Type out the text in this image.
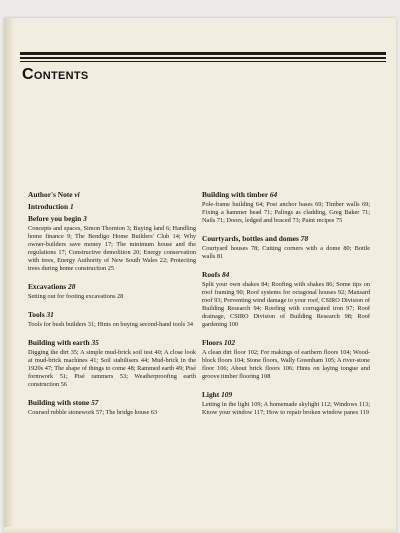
Contents

Author's Note vi

Introduction 1

Before you begin 3

Concepts and spaces, Simon Thornton 3; Buying land 6; Handling home finance 9; The Bendigo Home Builders' Club 14; Why owner-builders save money 17; The minimum house and the regulations 17; Constructive demolition 20; Energy conservation with trees, Energy Authority of New South Wales 22; Protecting trees during home construction 25

Excavations 28

Setting out for footing excavations 28

Tools 31

Tools for bush builders 31; Hints on buying second-hand tools 34

Building with earth 35

Digging the dirt 35; A simple mud-brick soil test 40; A close look at mud-brick machines 41; Soil stabilisers 44; Mud-brick in the 1920s 47; The shape of things to come 48; Rammed earth 49; Pisé formwork 51; Pisé rammers 53; Weatherproofing earth construction 56

Building with stone 57

Coursed rubble stonework 57; The bridge house 63

Building with timber 64

Pole-frame building 64; Post anchor bases 69; Timber walls 69; Fixing a hammer head 71; Palings as cladding, Greg Baker 71; Nails 71; Doors, ledged and braced 73; Paint recipes 75

Courtyards, bottles and domes 78

Courtyard houses 78; Cutting corners with a dome 80; Bottle walls 81

Roofs 84

Split your own shakes 84; Roofing with shakes 86; Some tips on roof framing 90; Roof systems for octagonal houses 92; Mansard roof 93; Preventing wind damage to your roof, CSIRO Division of Building Research 94; Roofing with corrugated iron 97; Roof drainage, CSIRO Division of Building Research 98; Roof gardening 100

Floors 102

A clean dirt floor 102; For makings of earthern floors 104; Wood-block floors 104; Stone floors, Wally Greenham 105; A river-stone floor 106; About brick floors 106; Hints on laying tongue and groove timber flooring 108

Light 109

Letting in the light 109; A homemade skylight 112; Windows 113; Know your window 117; How to repair broken window panes 119
